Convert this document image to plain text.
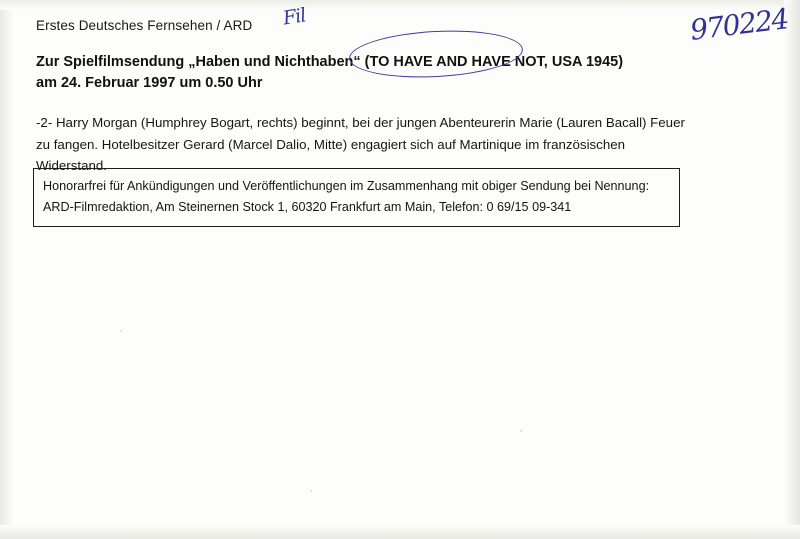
Erstes Deutsches Fernsehen / ARD
Zur Spielfilmsendung „Haben und Nichthaben“ (TO HAVE AND HAVE NOT, USA 1945)
am 24. Februar 1997 um 0.50 Uhr
-2- Harry Morgan (Humphrey Bogart, rechts) beginnt, bei der jungen Abenteurerin Marie (Lauren Bacall) Feuer zu fangen. Hotelbesitzer Gerard (Marcel Dalio, Mitte) engagiert sich auf Martinique im französischen Widerstand.
Honorarfrei für Ankündigungen und Veröffentlichungen im Zusammenhang mit obiger Sendung bei Nennung:
ARD-Filmredaktion, Am Steinernen Stock 1, 60320 Frankfurt am Main, Telefon: 0 69/15 09-341
Fil	970224
